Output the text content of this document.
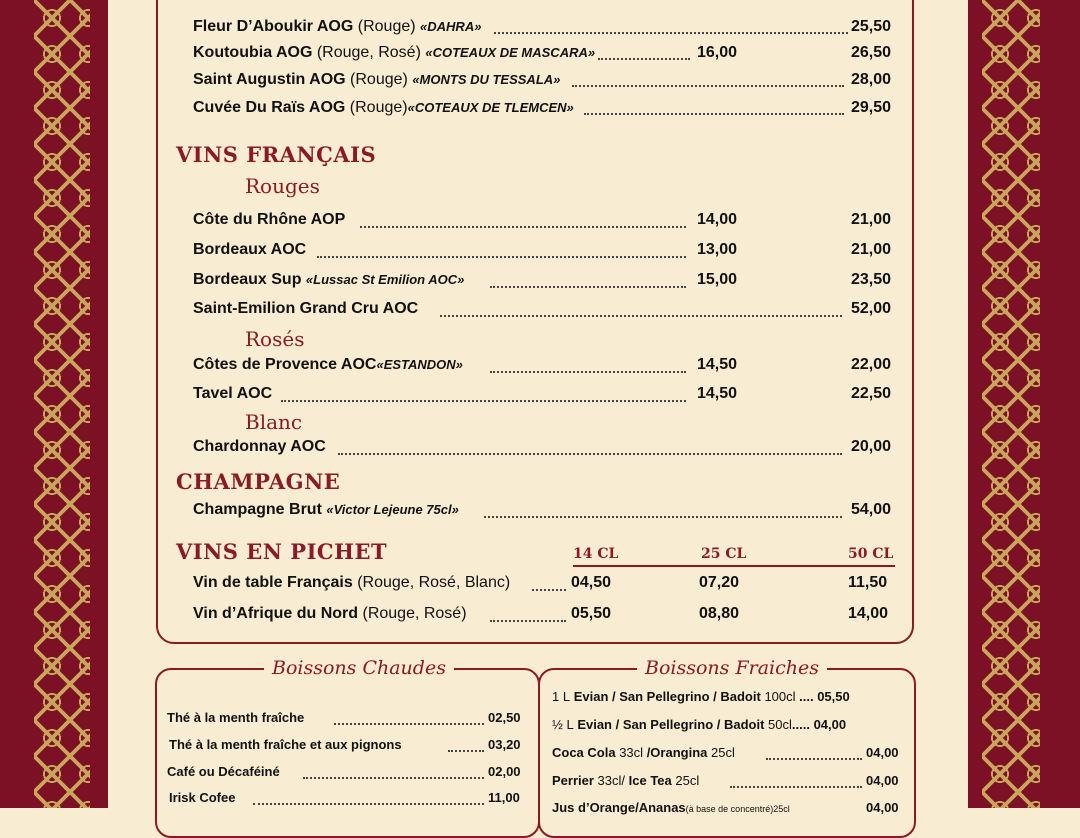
Fleur D’Aboukir AOG (Rouge) «DAHRA»	25,50
Koutoubia AOG (Rouge, Rosé) «COTEAUX DE MASCARA»	16,00	26,50
Saint Augustin AOG (Rouge) «MONTS DU TESSALA»	28,00
Cuvée Du Raïs AOG (Rouge)«COTEAUX DE TLEMCEN»	29,50
VINS FRANÇAIS
Rouges
Côte du Rhône AOP	14,00	21,00
Bordeaux AOC	13,00	21,00
Bordeaux Sup «Lussac St Emilion AOC»	15,00	23,50
Saint-Emilion Grand Cru AOC	52,00
Rosés
Côtes de Provence AOC«ESTANDON»	14,50	22,00
Tavel AOC	14,50	22,50
Blanc
Chardonnay AOC	20,00
CHAMPAGNE
Champagne Brut «Victor Lejeune 75cl»	54,00
VINS EN PICHET	14 CL	25 CL	50 CL
Vin de table Français (Rouge, Rosé, Blanc)	04,50	07,20	11,50
Vin d’Afrique du Nord (Rouge, Rosé)	05,50	08,80	14,00
Boissons Chaudes
Thé à la menth fraîche	02,50
Thé à la menth fraîche et aux pignons	03,20
Café ou Décaféiné	02,00
Irisk Cofee	11,00
Boissons Fraiches
1 L Evian / San Pellegrino / Badoit 100cl .... 05,50
½ L Evian / San Pellegrino / Badoit 50cl..... 04,00
Coca Cola 33cl /Orangina 25cl	04,00
Perrier 33cl/ Ice Tea 25cl	04,00
Jus d’Orange/Ananas(à base de concentré)25cl	04,00
